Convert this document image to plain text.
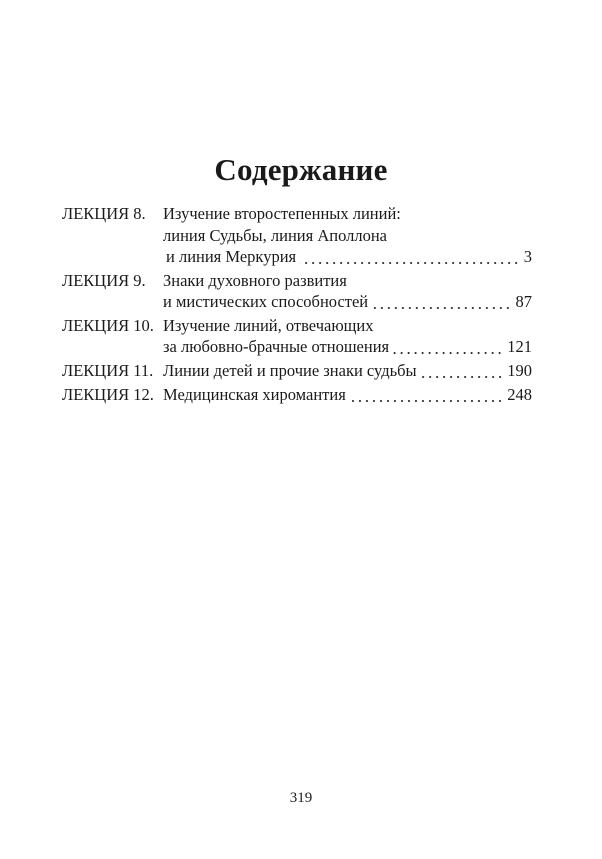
Содержание
ЛЕКЦИЯ 8.	Изучение второстепенных линий:
линия Судьбы, линия Аполлона
и линия Меркурия	3
ЛЕКЦИЯ 9.	Знаки духовного развития
и мистических способностей	87
ЛЕКЦИЯ 10. Изучение линий, отвечающих
за любовно-брачные отношения	121
ЛЕКЦИЯ 11. Линии детей и прочие знаки судьбы	190
ЛЕКЦИЯ 12. Медицинская хиромантия	248
319
